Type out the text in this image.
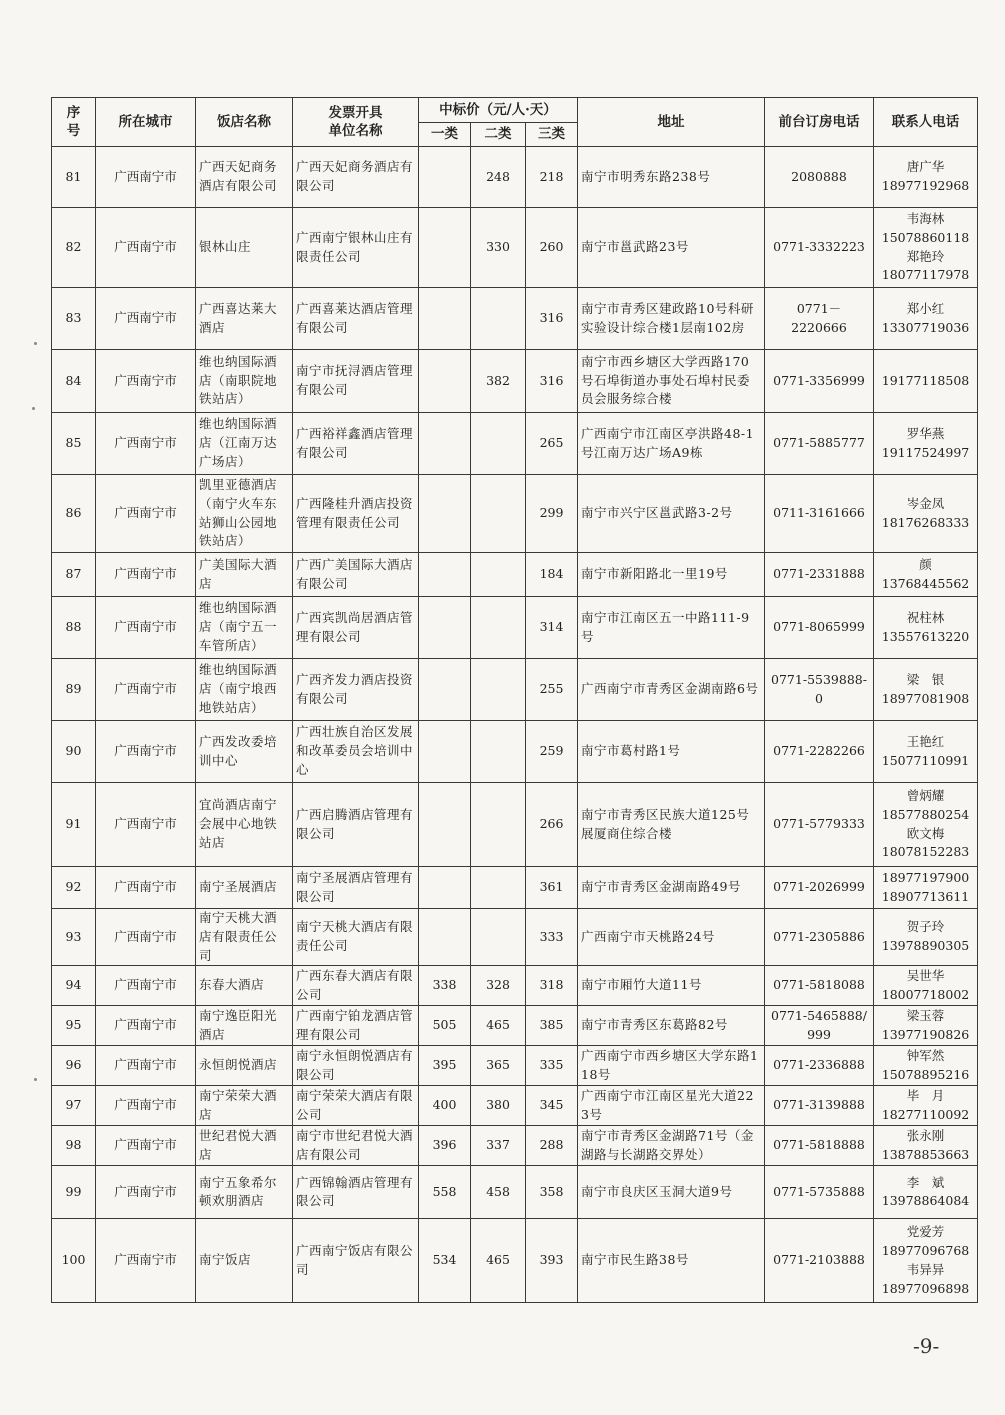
序
号	所在城市	饭店名称	发票开具
单位名称	中标价（元/人·天）			地址	前台订房电话	联系人电话
				一类	二类	三类			
81	广西南宁市	广西天妃商务酒店有限公司	广西天妃商务酒店有限公司		248	218	南宁市明秀东路238号	2080888	唐广华
18977192968
82	广西南宁市	银林山庄	广西南宁银林山庄有限责任公司		330	260	南宁市邕武路23号	0771-3332223	韦海林
15078860118
郑艳玲
18077117978
83	广西南宁市	广西喜达莱大酒店	广西喜莱达酒店管理有限公司			316	南宁市青秀区建政路10号科研实验设计综合楼1层南102房	0771－
2220666	郑小红
13307719036
84	广西南宁市	维也纳国际酒店（南职院地铁站店）	南宁市抚浔酒店管理有限公司		382	316	南宁市西乡塘区大学西路170号石埠街道办事处石埠村民委员会服务综合楼	0771-3356999	19177118508
85	广西南宁市	维也纳国际酒店（江南万达广场店）	广西裕祥鑫酒店管理有限公司			265	广西南宁市江南区亭洪路48-1号江南万达广场A9栋	0771-5885777	罗华燕
19117524997
86	广西南宁市	凯里亚德酒店（南宁火车东站狮山公园地铁站店）	广西隆桂升酒店投资管理有限责任公司			299	南宁市兴宁区邕武路3-2号	0711-3161666	岑金凤
18176268333
87	广西南宁市	广美国际大酒店	广西广美国际大酒店有限公司			184	南宁市新阳路北一里19号	0771-2331888	颜
13768445562
88	广西南宁市	维也纳国际酒店（南宁五一车管所店）	广西宾凯尚居酒店管理有限公司			314	南宁市江南区五一中路111-9号	0771-8065999	祝柱林
13557613220
89	广西南宁市	维也纳国际酒店（南宁埌西地铁站店）	广西齐发力酒店投资有限公司			255	广西南宁市青秀区金湖南路6号	0771-5539888-
0	梁　银
18977081908
90	广西南宁市	广西发改委培训中心	广西壮族自治区发展和改革委员会培训中心			259	南宁市葛村路1号	0771-2282266	王艳红
15077110991
91	广西南宁市	宜尚酒店南宁会展中心地铁站店	广西启腾酒店管理有限公司			266	南宁市青秀区民族大道125号展厦商住综合楼	0771-5779333	曾炳耀
18577880254
欧文梅
18078152283
92	广西南宁市	南宁圣展酒店	南宁圣展酒店管理有限公司			361	南宁市青秀区金湖南路49号	0771-2026999	18977197900
18907713611
93	广西南宁市	南宁天桃大酒店有限责任公司	南宁天桃大酒店有限责任公司			333	广西南宁市天桃路24号	0771-2305886	贺子玲
13978890305
94	广西南宁市	东春大酒店	广西东春大酒店有限公司	338	328	318	南宁市厢竹大道11号	0771-5818088	吴世华
18007718002
95	广西南宁市	南宁逸臣阳光酒店	广西南宁铂龙酒店管理有限公司	505	465	385	南宁市青秀区东葛路82号	0771-5465888/
999	梁玉蓉
13977190826
96	广西南宁市	永恒朗悦酒店	南宁永恒朗悦酒店有限公司	395	365	335	广西南宁市西乡塘区大学东路118号	0771-2336888	钟军然
15078895216
97	广西南宁市	南宁荣荣大酒店	南宁荣荣大酒店有限公司	400	380	345	广西南宁市江南区星光大道223号	0771-3139888	毕　月
18277110092
98	广西南宁市	世纪君悦大酒店	南宁市世纪君悦大酒店有限公司	396	337	288	南宁市青秀区金湖路71号（金湖路与长湖路交界处）	0771-5818888	张永刚
13878853663
99	广西南宁市	南宁五象希尔顿欢朋酒店	广西锦翰酒店管理有限公司	558	458	358	南宁市良庆区玉洞大道9号	0771-5735888	李　斌
13978864084
100	广西南宁市	南宁饭店	广西南宁饭店有限公司	534	465	393	南宁市民生路38号	0771-2103888	党爱芳
18977096768
韦异异
18977096898
-9-
